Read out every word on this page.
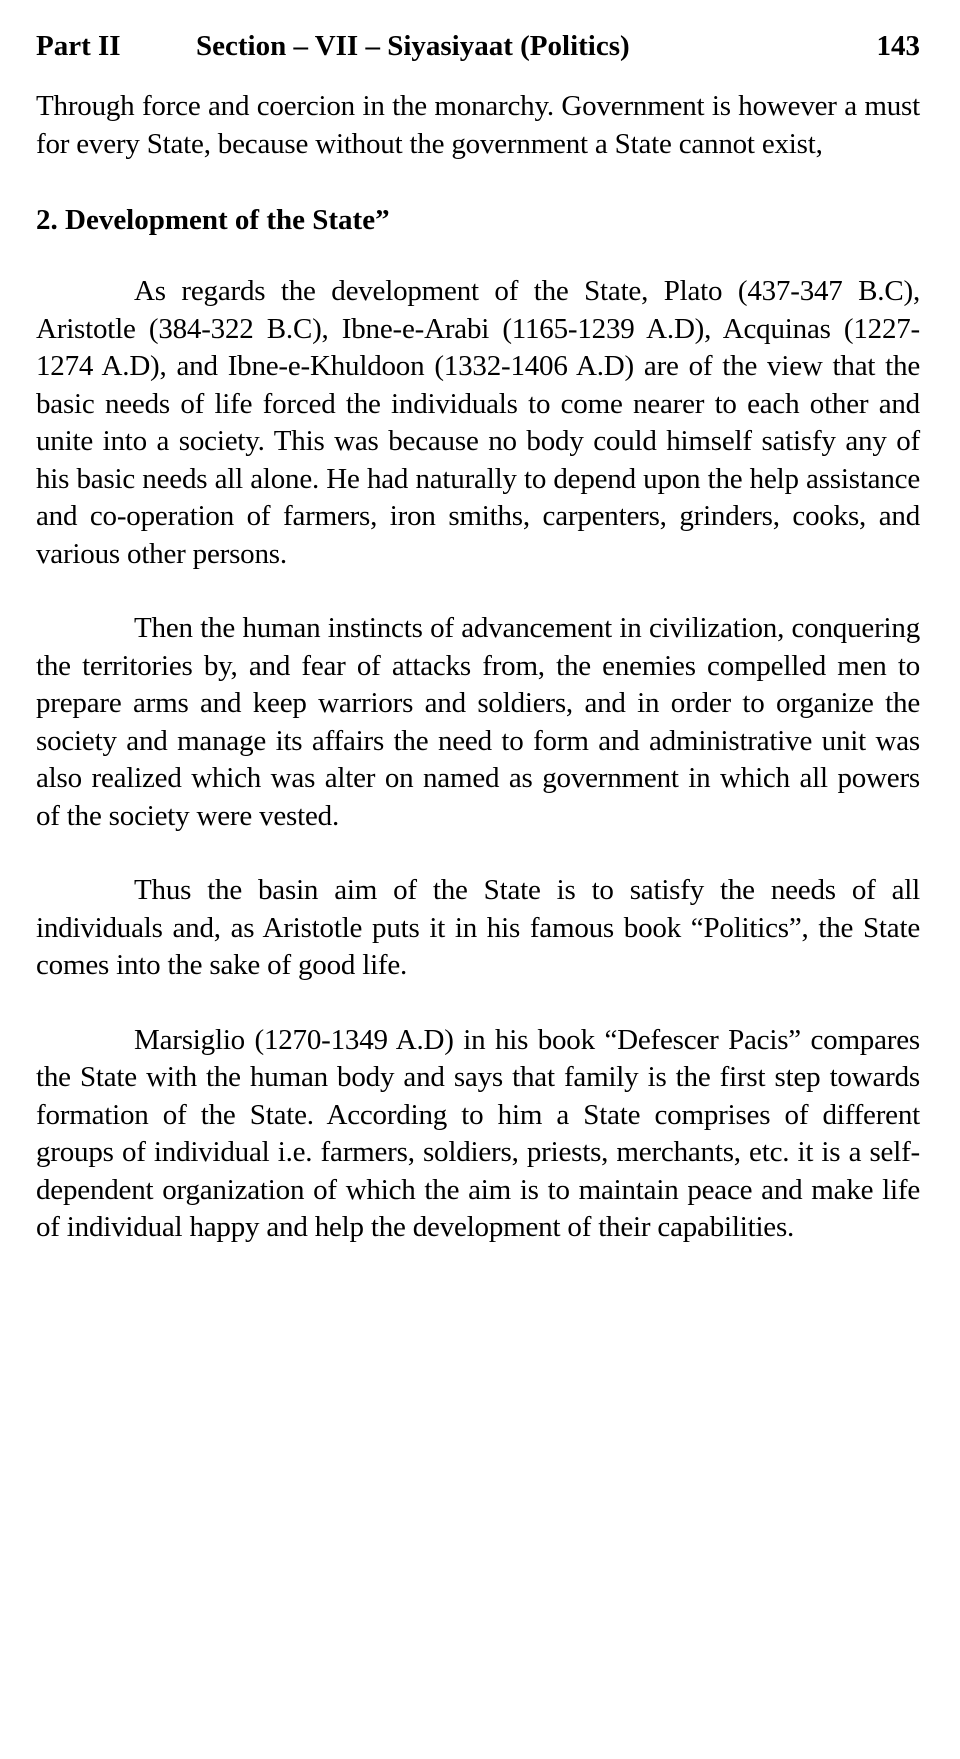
Part II	Section – VII – Siyasiyaat (Politics)	143

Through force and coercion in the monarchy. Government is however a must for every State, because without the government a State cannot exist,

2. Development of the State”

As regards the development of the State, Plato (437-347 B.C), Aristotle (384-322 B.C), Ibne-e-Arabi (1165-1239 A.D), Acquinas (1227-1274 A.D), and Ibne-e-Khuldoon (1332-1406 A.D) are of the view that the basic needs of life forced the individuals to come nearer to each other and unite into a society. This was because no body could himself satisfy any of his basic needs all alone. He had naturally to depend upon the help assistance and co-operation of farmers, iron smiths, carpenters, grinders, cooks, and various other persons.

Then the human instincts of advancement in civilization, conquering the territories by, and fear of attacks from, the enemies compelled men to prepare arms and keep warriors and soldiers, and in order to organize the society and manage its affairs the need to form and administrative unit was also realized which was alter on named as government in which all powers of the society were vested.

Thus the basin aim of the State is to satisfy the needs of all individuals and, as Aristotle puts it in his famous book “Politics”, the State comes into the sake of good life.

Marsiglio (1270-1349 A.D) in his book “Defescer Pacis” compares the State with the human body and says that family is the first step towards formation of the State. According to him a State comprises of different groups of individual i.e. farmers, soldiers, priests, merchants, etc. it is a self-dependent organization of which the aim is to maintain peace and make life of individual happy and help the development of their capabilities.
